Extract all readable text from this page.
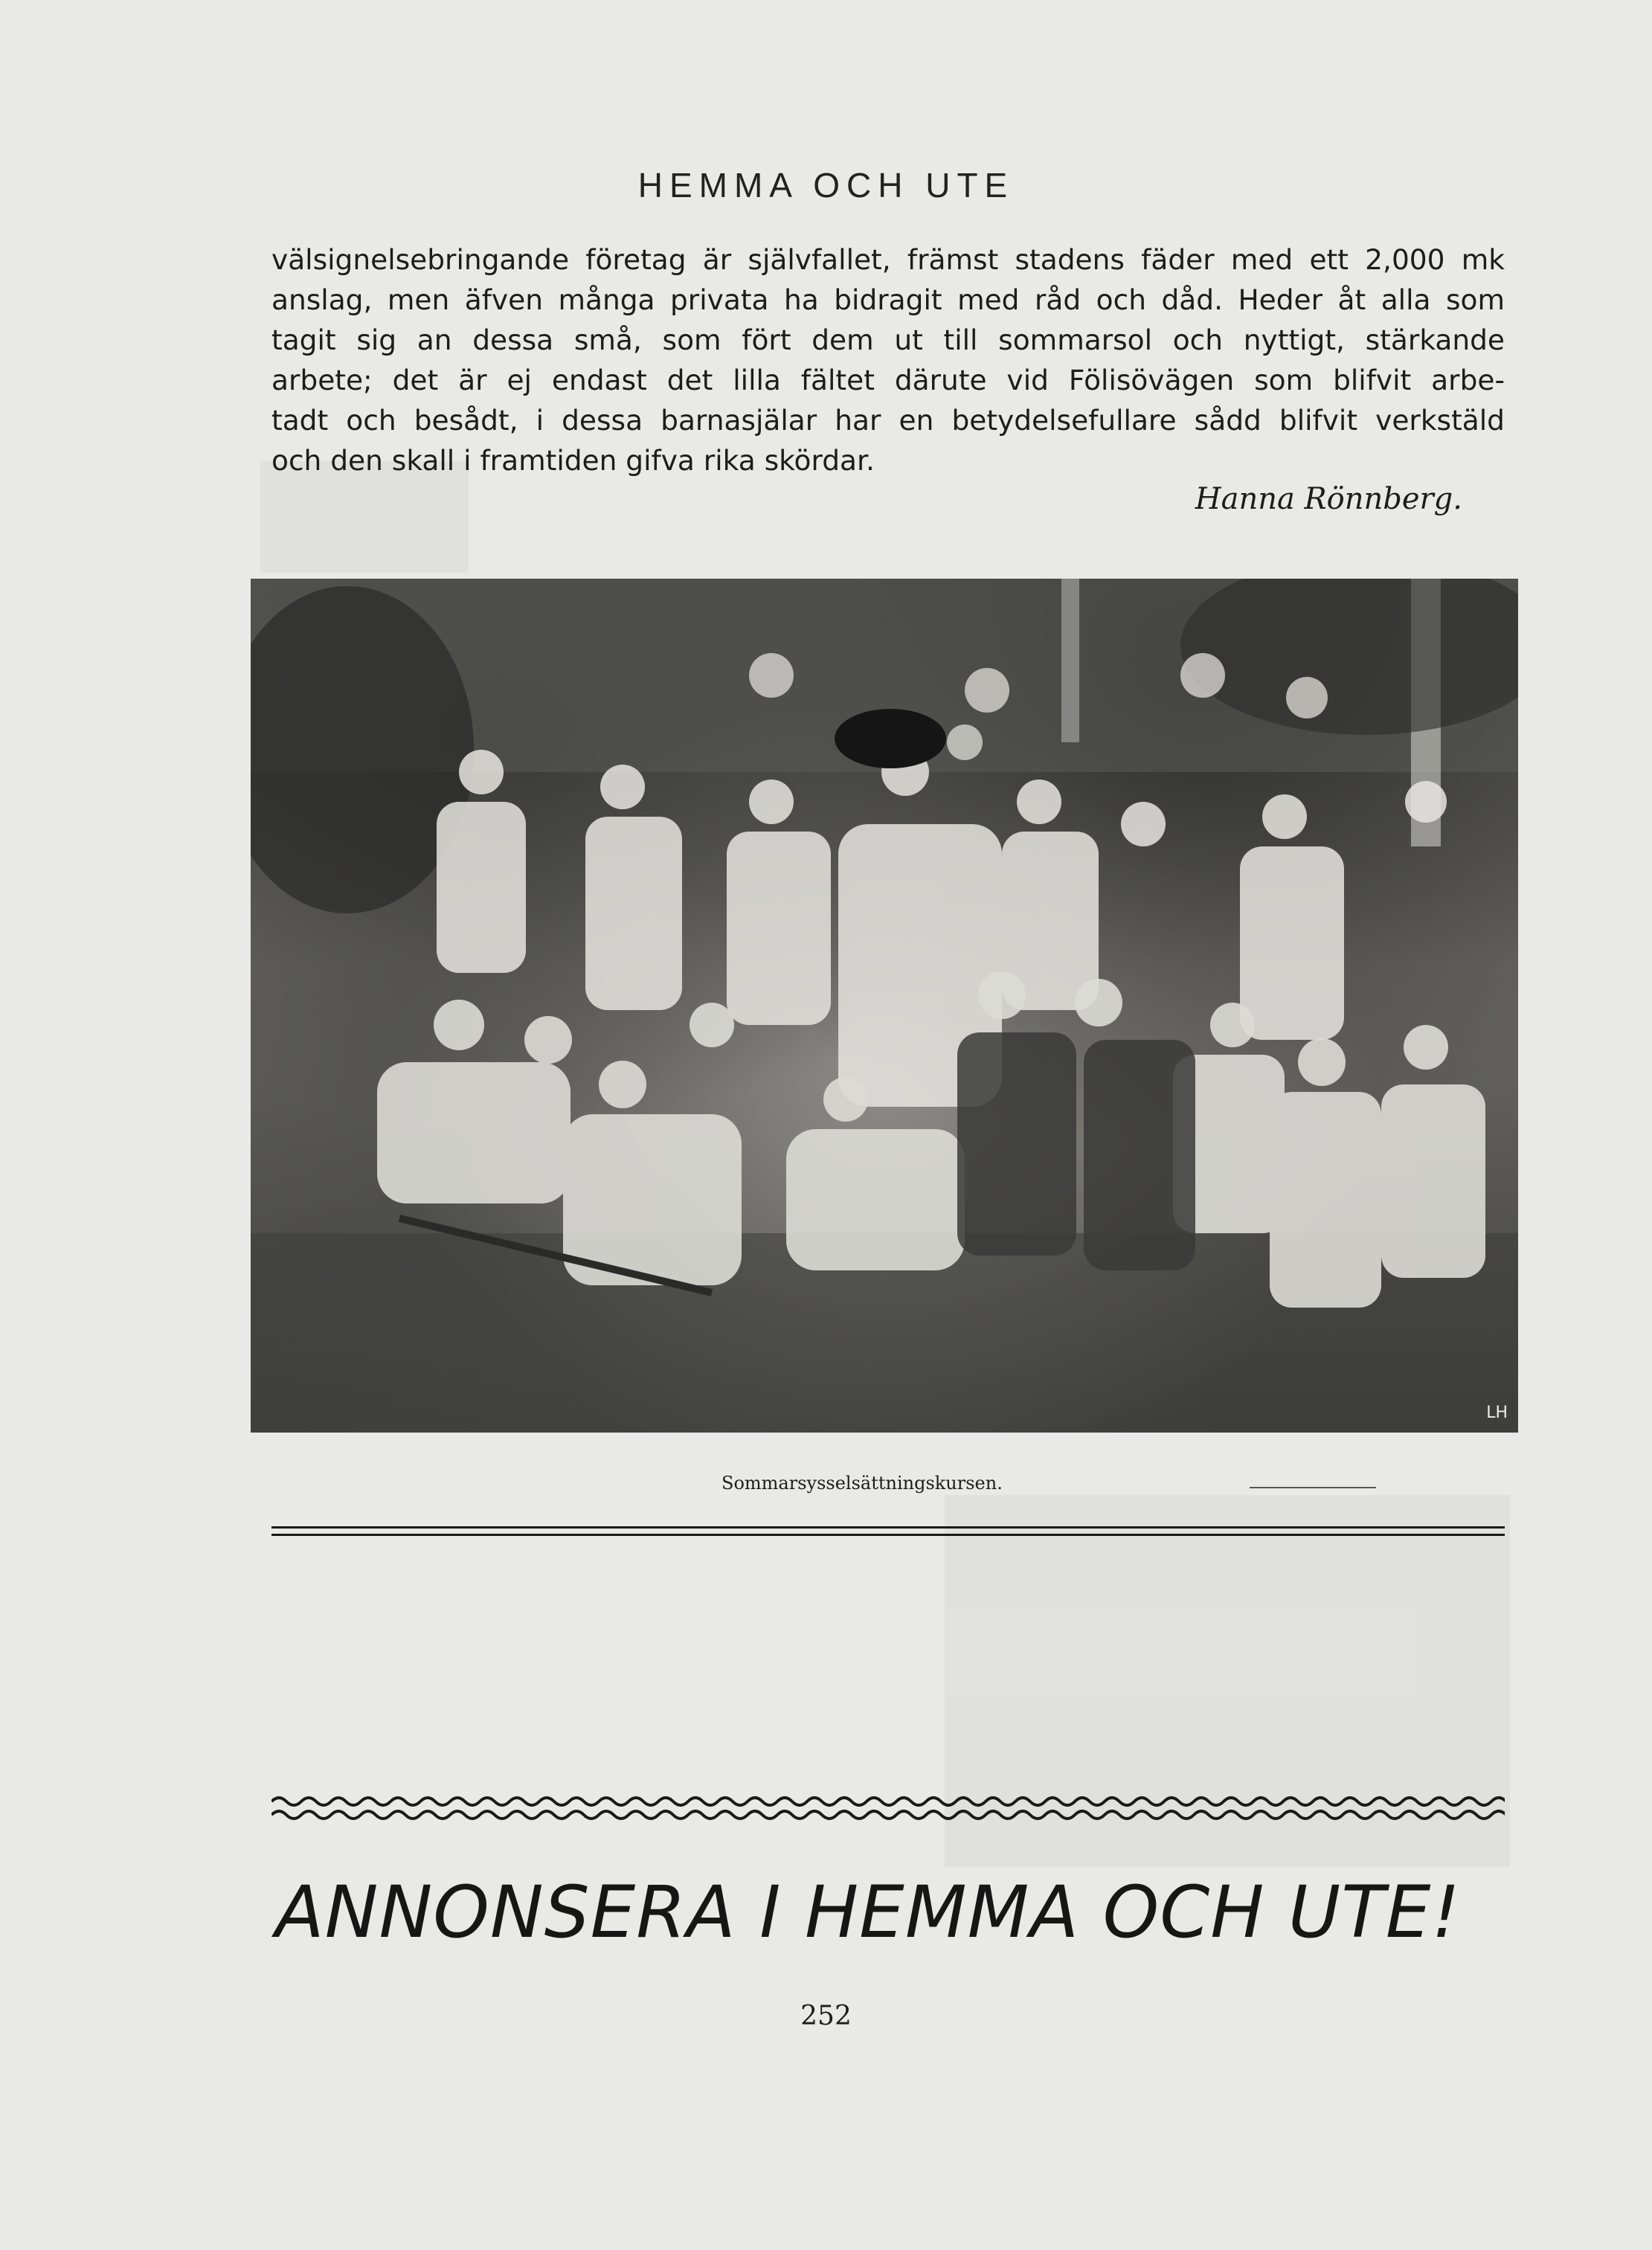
HEMMA OCH UTE
välsignelsebringande företag är självfallet, främst stadens fäder med ett 2,000 mk
anslag, men äfven många privata ha bidragit med råd och dåd. Heder åt alla som
tagit sig an dessa små, som fört dem ut till sommarsol och nyttigt, stärkande
arbete; det är ej endast det lilla fältet därute vid Fölisövägen som blifvit arbe-
tadt och besådt, i dessa barnasjälar har en betydelsefullare sådd blifvit verkstäld
och den skall i framtiden gifva rika skördar.
Hanna Rönnberg.
LH
Sommarsysselsättningskursen.
ANNONSERA I HEMMA OCH UTE!
252
